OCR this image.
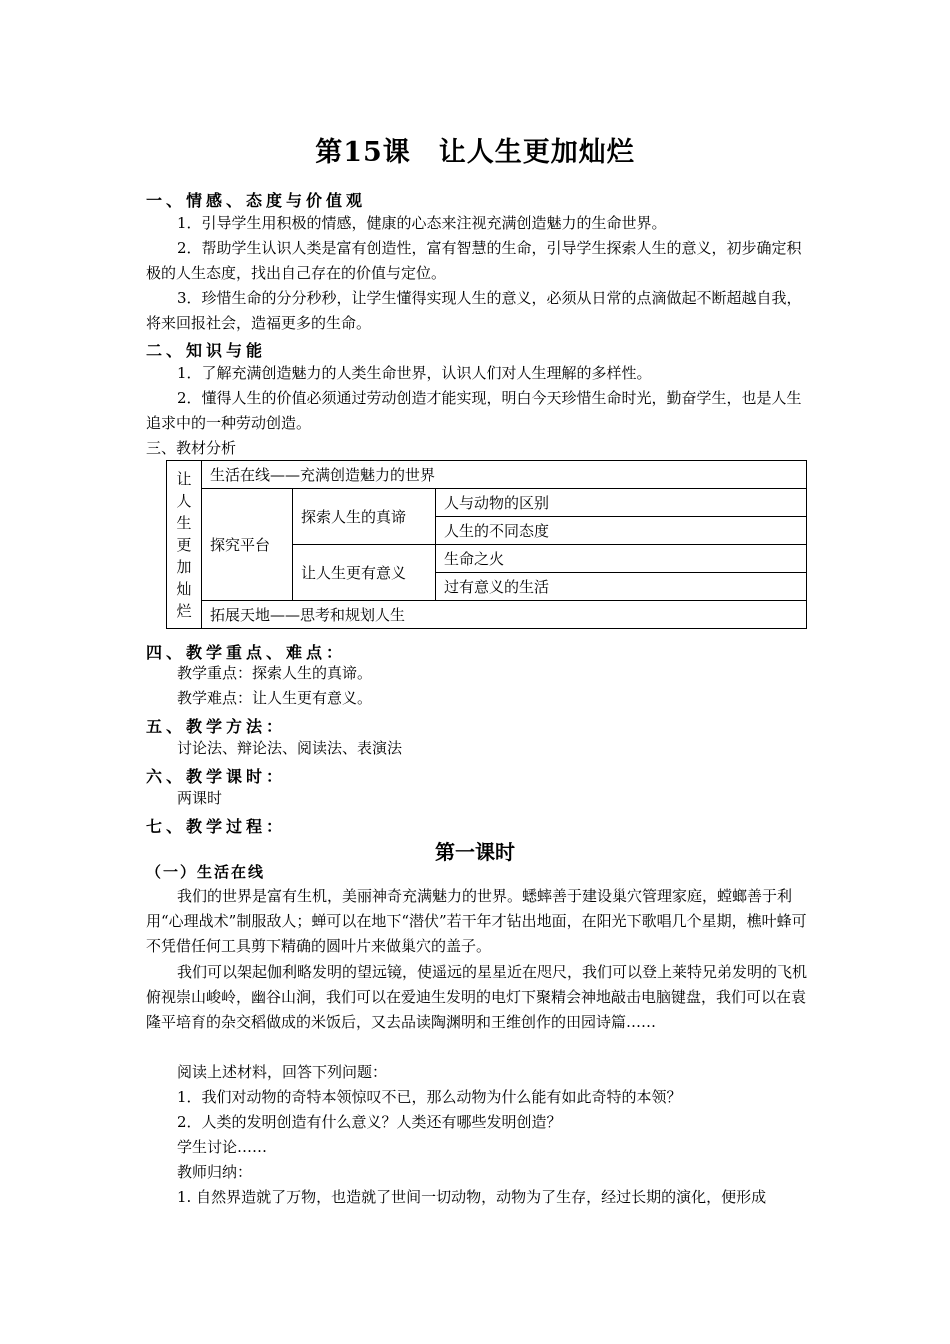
第15课　让人生更加灿烂
一、情感、态度与价值观
1．引导学生用积极的情感，健康的心态来注视充满创造魅力的生命世界。
2．帮助学生认识人类是富有创造性，富有智慧的生命，引导学生探索人生的意义，初步确定积极的人生态度，找出自己存在的价值与定位。
3．珍惜生命的分分秒秒，让学生懂得实现人生的意义，必须从日常的点滴做起不断超越自我，将来回报社会，造福更多的生命。
二、知识与能
1．了解充满创造魅力的人类生命世界，认识人们对人生理解的多样性。
2．懂得人生的价值必须通过劳动创造才能实现，明白今天珍惜生命时光，勤奋学生，也是人生追求中的一种劳动创造。
三、教材分析
让人生更加灿烂	生活在线——充满创造魅力的世界		
	探究平台	探索人生的真谛	人与动物的区别
			人生的不同态度
		让人生更有意义	生命之火
			过有意义的生活
	拓展天地——思考和规划人生		
四、教学重点、难点：
教学重点：探索人生的真谛。
教学难点：让人生更有意义。
五、教学方法：
讨论法、辩论法、阅读法、表演法
六、教学课时：
两课时
七、教学过程：
第一课时
（一）生活在线
我们的世界是富有生机，美丽神奇充满魅力的世界。蟋蟀善于建设巢穴管理家庭，螳螂善于利用“心理战术”制服敌人；蝉可以在地下“潜伏”若干年才钻出地面，在阳光下歌唱几个星期，樵叶蜂可不凭借任何工具剪下精确的圆叶片来做巢穴的盖子。
我们可以架起伽利略发明的望远镜，使遥远的星星近在咫尺，我们可以登上莱特兄弟发明的飞机俯视崇山峻岭，幽谷山涧，我们可以在爱迪生发明的电灯下聚精会神地敲击电脑键盘，我们可以在袁隆平培育的杂交稻做成的米饭后，又去品读陶渊明和王维创作的田园诗篇……
阅读上述材料，回答下列问题：
1．我们对动物的奇特本领惊叹不已，那么动物为什么能有如此奇特的本领？
2．人类的发明创造有什么意义？人类还有哪些发明创造？
学生讨论……
教师归纳：
1. 自然界造就了万物，也造就了世间一切动物，动物为了生存，经过长期的演化，便形成
